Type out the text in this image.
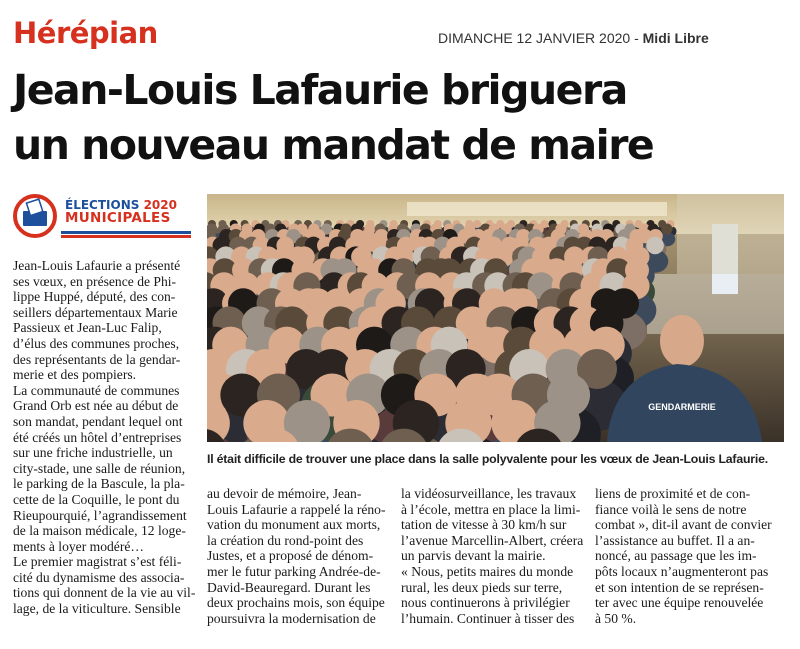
Hérépian	DIMANCHE 12 JANVIER 2020 - Midi Libre
Jean-Louis Lafaurie briguera
un nouveau mandat de maire
ÉLECTIONS 2020
MUNICIPALES
GENDARMERIE
Il était difficile de trouver une place dans la salle polyvalente pour les vœux de Jean-Louis Lafaurie.

Jean-Louis Lafaurie a présenté

ses vœux, en présence de Phi-

lippe Huppé, député, des con-

seillers départementaux Marie

Passieux et Jean-Luc Falip,

d’élus des communes proches,

des représentants de la gendar-

merie et des pompiers.

La communauté de communes

Grand Orb est née au début de

son mandat, pendant lequel ont

été créés un hôtel d’entreprises

sur une friche industrielle, un

city-stade, une salle de réunion,

le parking de la Bascule, la pla-

cette de la Coquille, le pont du

Rieupourquié, l’agrandissement

de la maison médicale, 12 loge-

ments à loyer modéré…

Le premier magistrat s’est féli-

cité du dynamisme des associa-

tions qui donnent de la vie au vil-

lage, de la viticulture. Sensible

au devoir de mémoire, Jean-

Louis Lafaurie a rappelé la réno-

vation du monument aux morts,

la création du rond-point des

Justes, et a proposé de dénom-

mer le futur parking Andrée-de-

David-Beauregard. Durant les

deux prochains mois, son équipe

poursuivra la modernisation de

la vidéosurveillance, les travaux

à l’école, mettra en place la limi-

tation de vitesse à 30 km/h sur

l’avenue Marcellin-Albert, créera

un parvis devant la mairie.

« Nous, petits maires du monde

rural, les deux pieds sur terre,

nous continuerons à privilégier

l’humain. Continuer à tisser des

liens de proximité et de con-

fiance voilà le sens de notre

combat », dit-il avant de convier

l’assistance au buffet. Il a an-

noncé, au passage que les im-

pôts locaux n’augmenteront pas

et son intention de se représen-

ter avec une équipe renouvelée

à 50 %.
